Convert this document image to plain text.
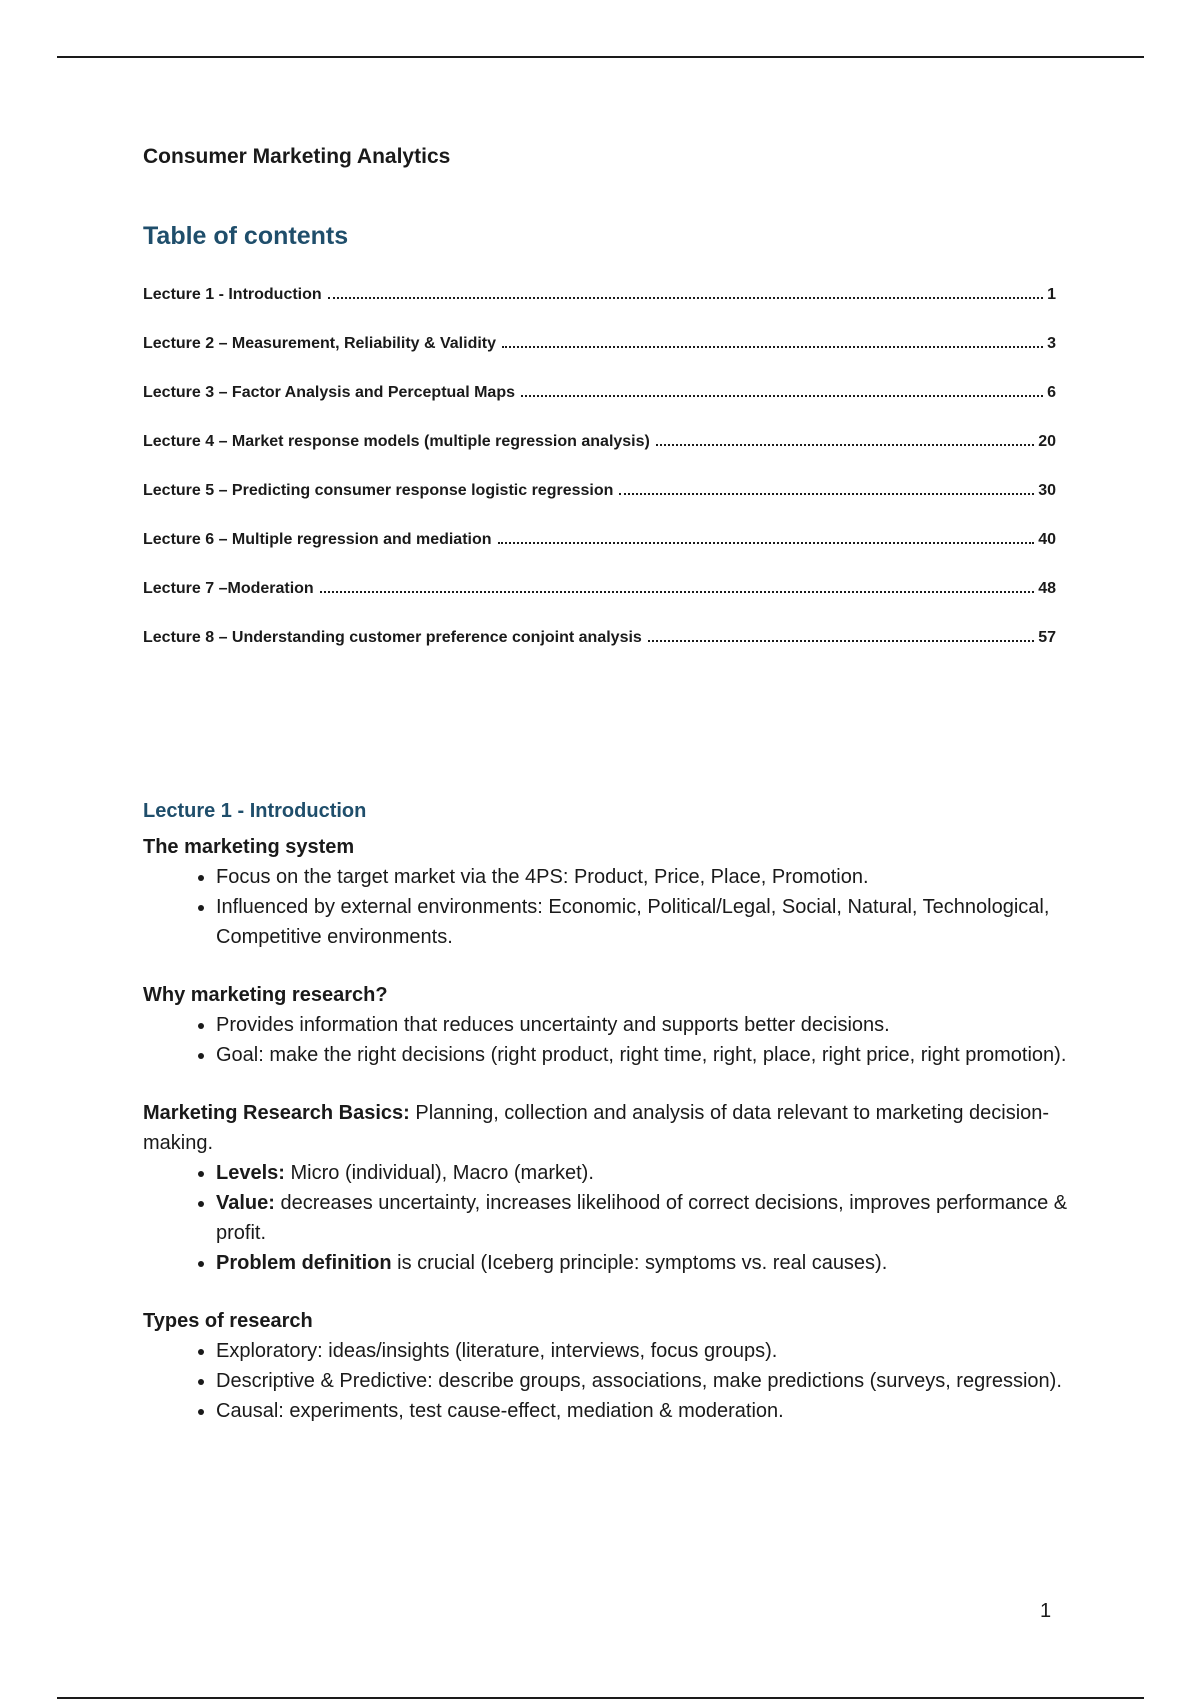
Consumer Marketing Analytics
Table of contents
Lecture 1 - Introduction	1
Lecture 2 – Measurement, Reliability & Validity	3
Lecture 3 – Factor Analysis and Perceptual Maps	6
Lecture 4 – Market response models (multiple regression analysis)	20
Lecture 5 – Predicting consumer response logistic regression	30
Lecture 6 – Multiple regression and mediation	40
Lecture 7 –Moderation	48
Lecture 8 – Understanding customer preference conjoint analysis	57

Lecture 1 - Introduction

The marketing system

• Focus on the target market via the 4PS: Product, Price, Place, Promotion.
• Influenced by external environments: Economic, Political/Legal, Social, Natural, Technological, Competitive environments.

Why marketing research?

• Provides information that reduces uncertainty and supports better decisions.
• Goal: make the right decisions (right product, right time, right, place, right price, right promotion).

Marketing Research Basics: Planning, collection and analysis of data relevant to marketing decision-making.

• Levels: Micro (individual), Macro (market).
• Value: decreases uncertainty, increases likelihood of correct decisions, improves performance & profit.
• Problem definition is crucial (Iceberg principle: symptoms vs. real causes).

Types of research

• Exploratory: ideas/insights (literature, interviews, focus groups).
• Descriptive & Predictive: describe groups, associations, make predictions (surveys, regression).
• Causal: experiments, test cause-effect, mediation & moderation.
1
